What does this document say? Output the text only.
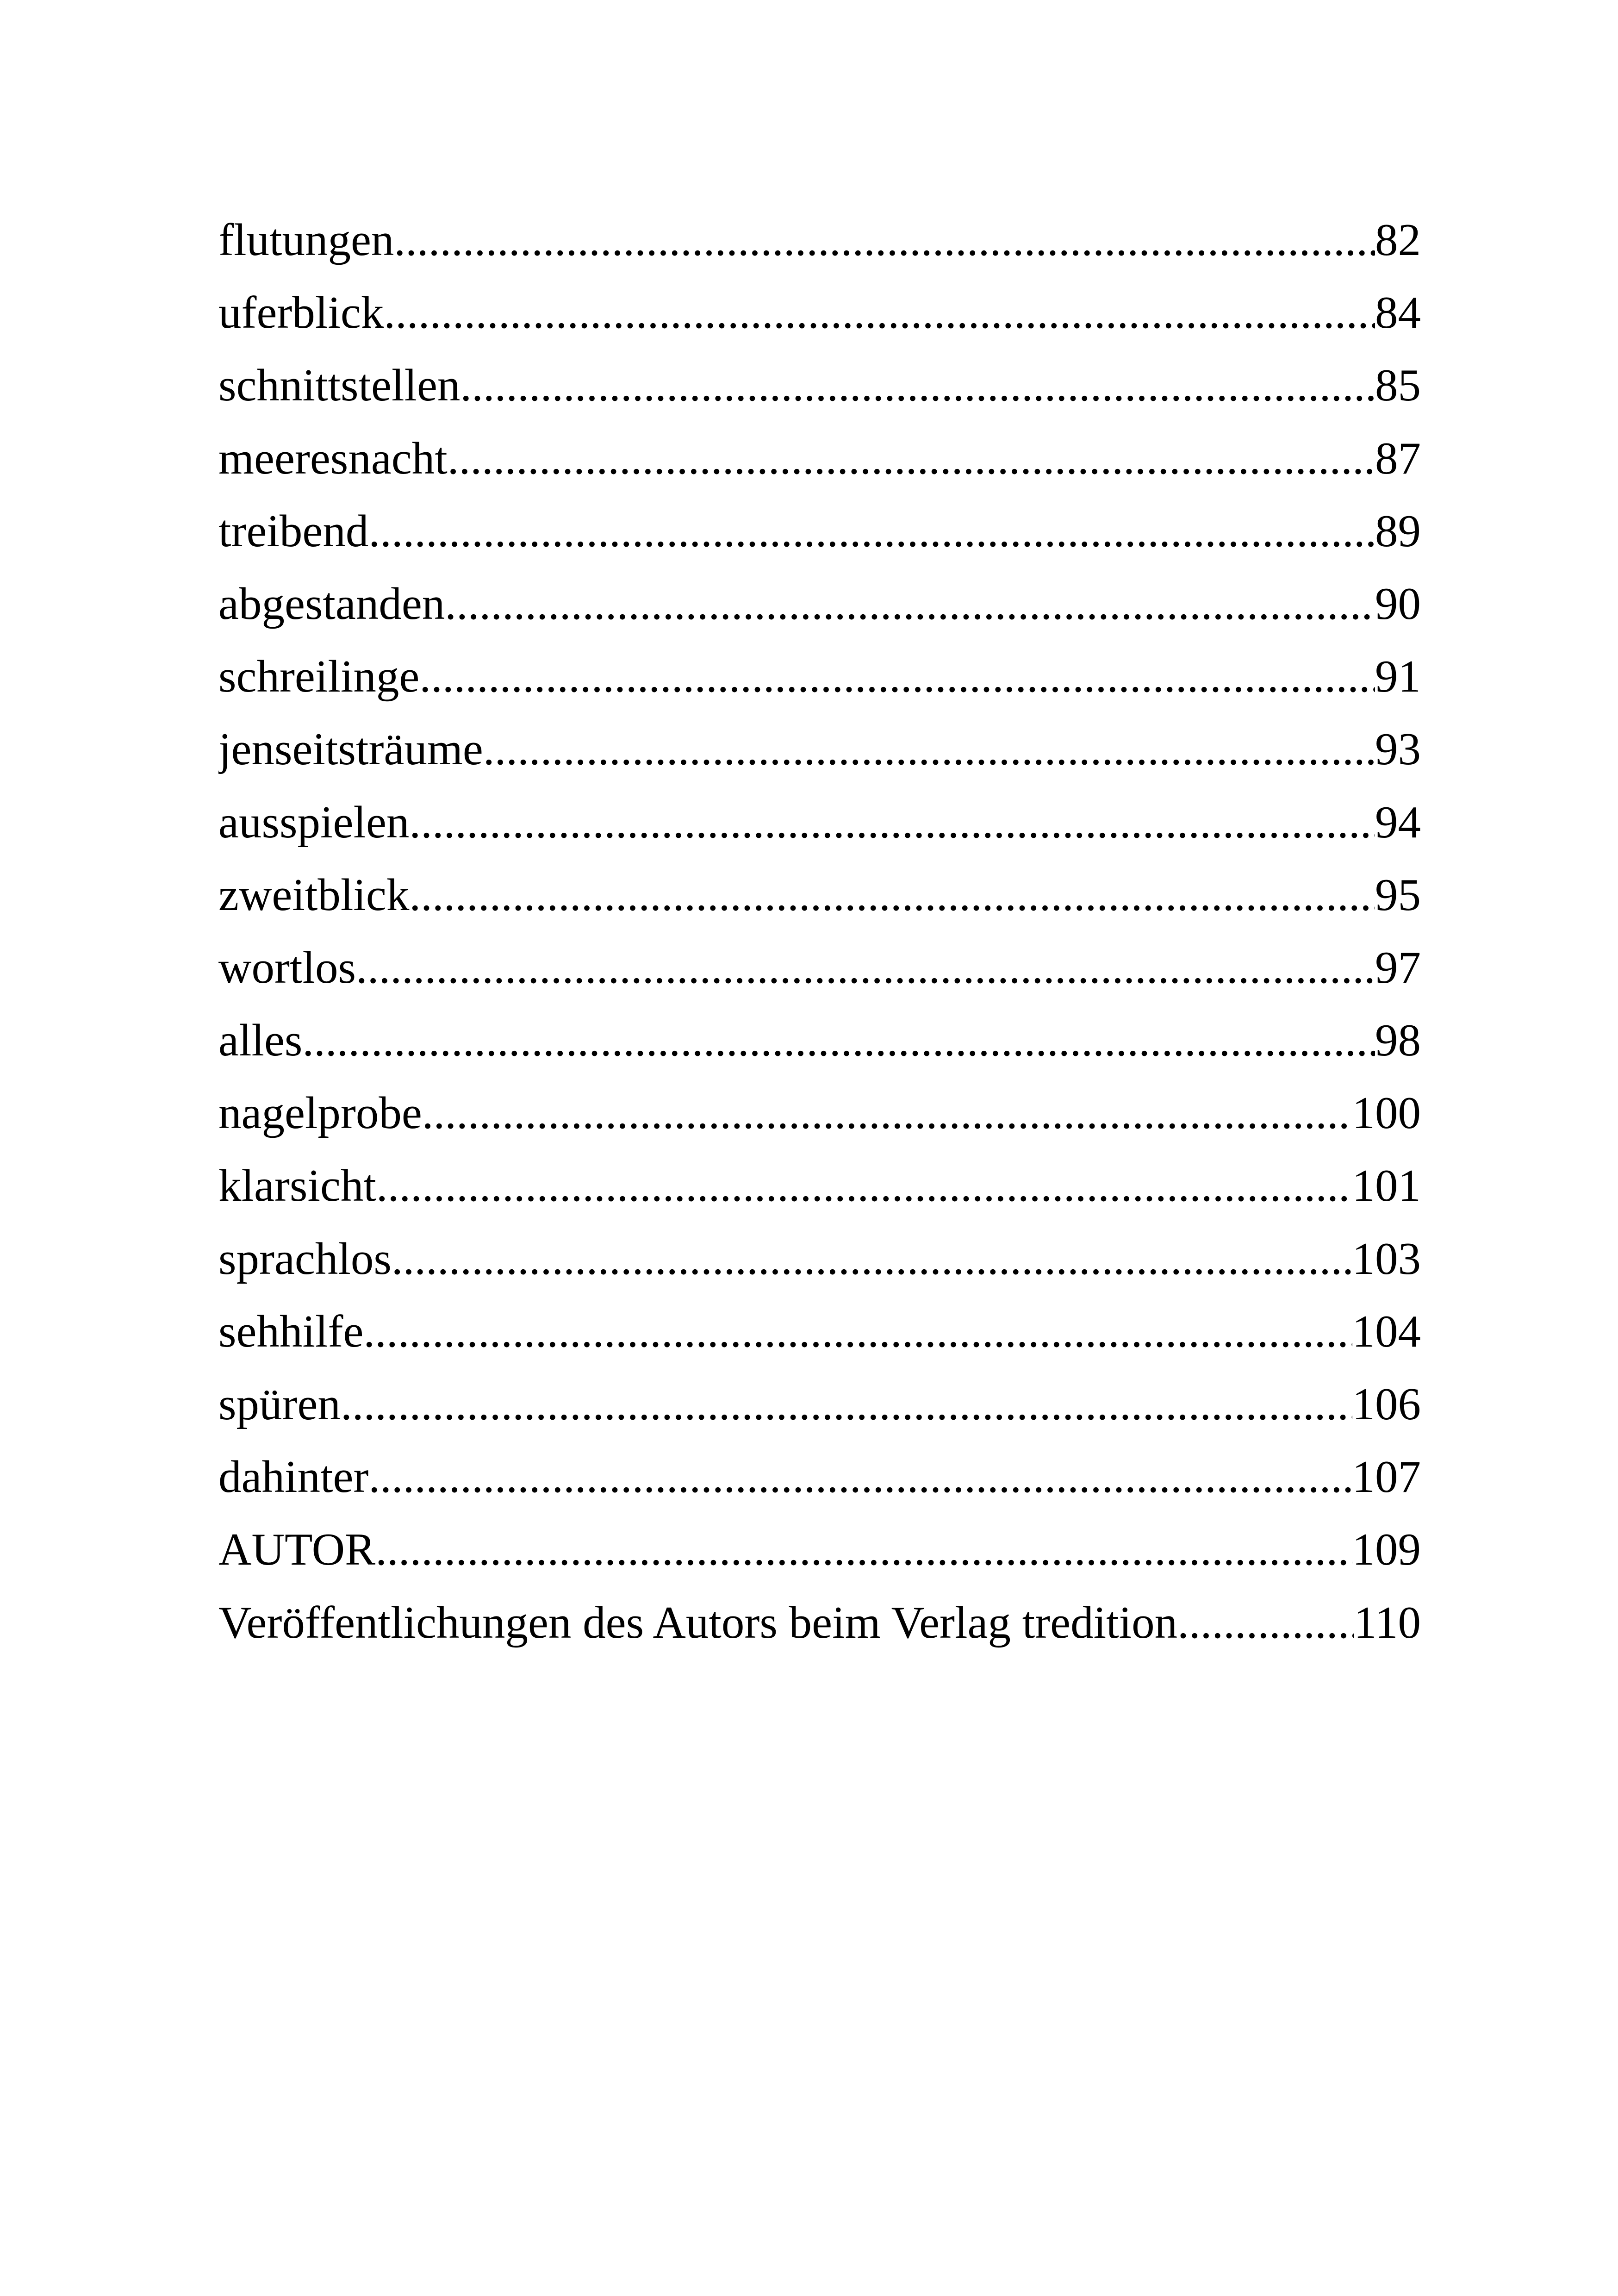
flutungen .....	82
uferblick .....	84
schnittstellen .....	85
meeresnacht .....	87
treibend .....	89
abgestanden .....	90
schreilinge .....	91
jenseitsträume .....	93
ausspielen .....	94
zweitblick .....	95
wortlos .....	97
alles .....	98
nagelprobe .....	100
klarsicht .....	101
sprachlos .....	103
sehhilfe .....	104
spüren .....	106
dahinter .....	107
AUTOR .....	109
Veröffentlichungen des Autors beim Verlag tredition .....	110
